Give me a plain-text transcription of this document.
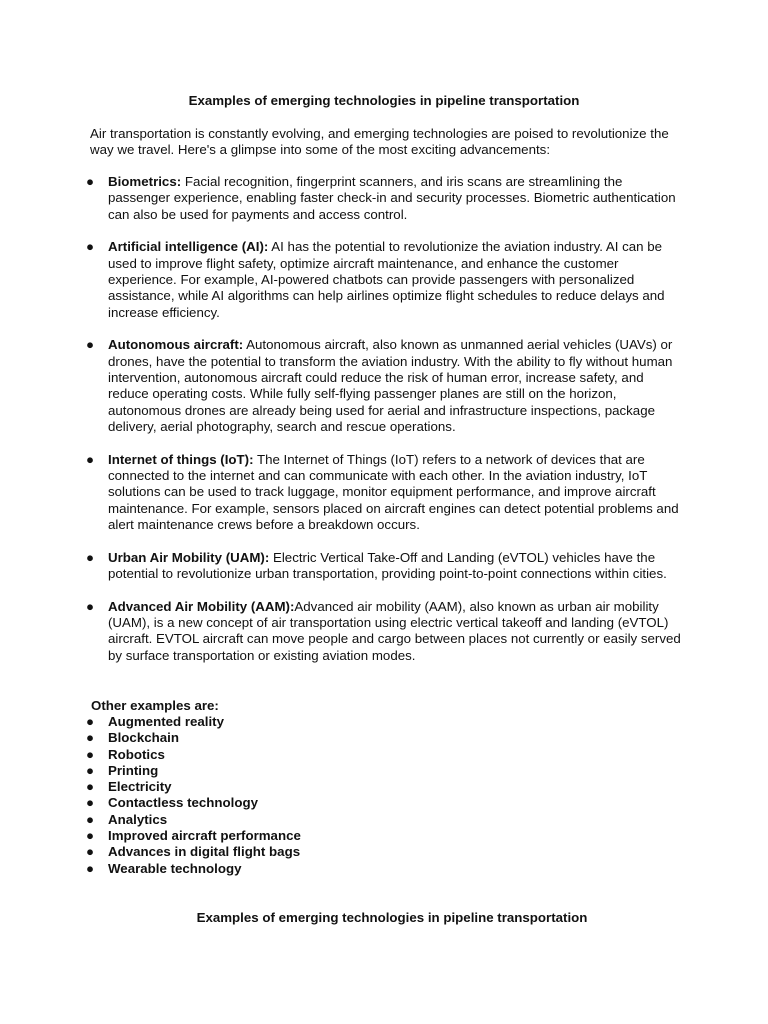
Examples of emerging technologies in pipeline transportation
Air transportation is constantly evolving, and emerging technologies are poised to revolutionize the way we travel. Here's a glimpse into some of the most exciting advancements:
● Biometrics: Facial recognition, fingerprint scanners, and iris scans are streamlining the passenger experience, enabling faster check-in and security processes. Biometric authentication can also be used for payments and access control.
● Artificial intelligence (AI): AI has the potential to revolutionize the aviation industry. AI can be used to improve flight safety, optimize aircraft maintenance, and enhance the customer experience. For example, AI-powered chatbots can provide passengers with personalized assistance, while AI algorithms can help airlines optimize flight schedules to reduce delays and increase efficiency.
● Autonomous aircraft: Autonomous aircraft, also known as unmanned aerial vehicles (UAVs) or drones, have the potential to transform the aviation industry. With the ability to fly without human intervention, autonomous aircraft could reduce the risk of human error, increase safety, and reduce operating costs. While fully self-flying passenger planes are still on the horizon, autonomous drones are already being used for aerial and infrastructure inspections, package delivery, aerial photography, search and rescue operations.
● Internet of things (IoT): The Internet of Things (IoT) refers to a network of devices that are connected to the internet and can communicate with each other. In the aviation industry, IoT solutions can be used to track luggage, monitor equipment performance, and improve aircraft maintenance. For example, sensors placed on aircraft engines can detect potential problems and alert maintenance crews before a breakdown occurs.
● Urban Air Mobility (UAM): Electric Vertical Take-Off and Landing (eVTOL) vehicles have the potential to revolutionize urban transportation, providing point-to-point connections within cities.
● Advanced Air Mobility (AAM):Advanced air mobility (AAM), also known as urban air mobility (UAM), is a new concept of air transportation using electric vertical takeoff and landing (eVTOL) aircraft. EVTOL aircraft can move people and cargo between places not currently or easily served by surface transportation or existing aviation modes.
Other examples are:
● Augmented reality
● Blockchain
● Robotics
● Printing
● Electricity
● Contactless technology
● Analytics
● Improved aircraft performance
● Advances in digital flight bags
● Wearable technology
Examples of emerging technologies in pipeline transportation
